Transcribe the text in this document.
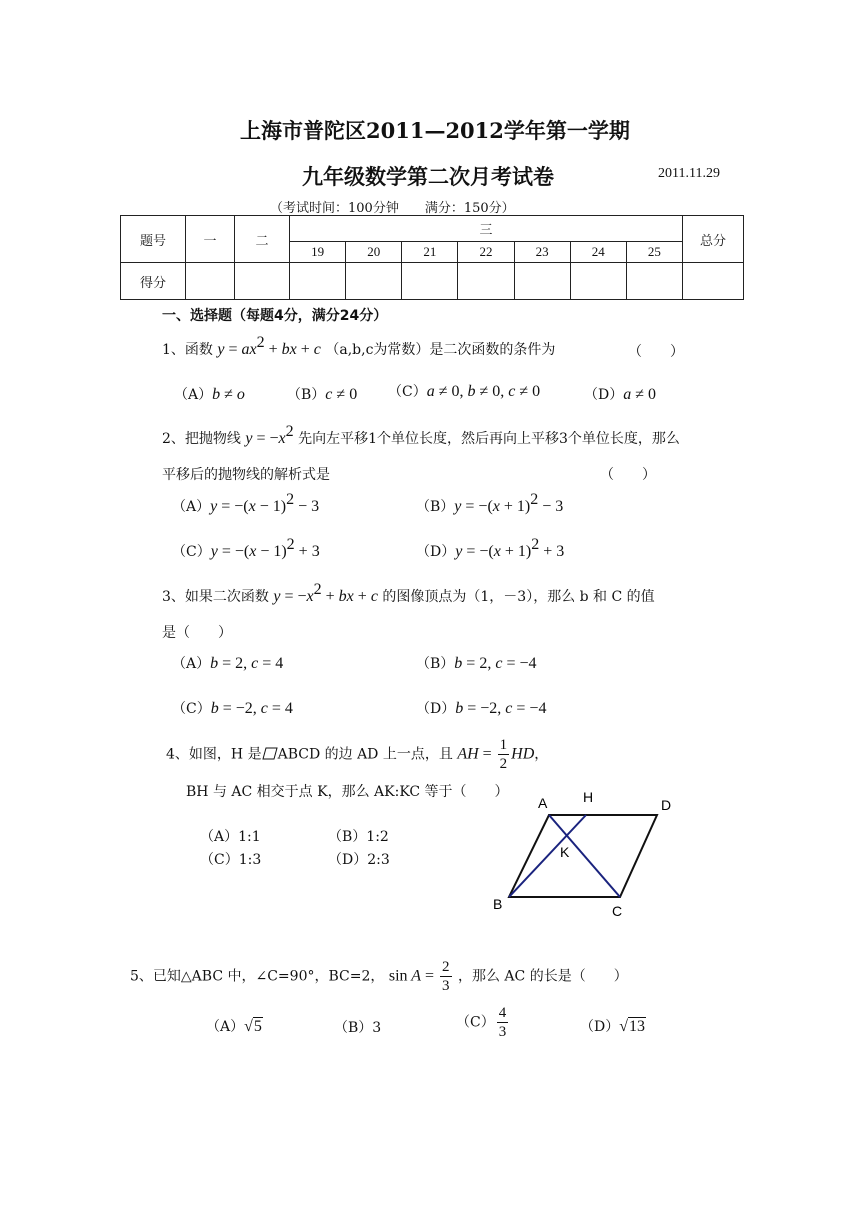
上海市普陀区2011—2012学年第一学期
九年级数学第二次月考试卷	2011.11.29
（考试时间：100分钟　　满分：150分）
题号	一	二	三							总分
			19	20	21	22	23	24	25	
得分										
一、选择题（每题4分，满分24分）
1、函数 $y = ax^2$ + bx + c （a,b,c为常数）是二次函数的条件为	（　　）
（A）b ≠ o	（B）c ≠ 0 （C）a ≠ 0, b ≠ 0, c ≠ 0	（D）a ≠ 0
2、把抛物线 $y = -x^2$ 先向左平移1个单位长度，然后再向上平移3个单位长度，那么
平移后的抛物线的解析式是	（　　）
$(A)y = -(x - 1)^2 - 3$	$(B)y = -(x + 1)^2 - 3$
$(C)y = -(x - 1)^2 + 3$	$(D)y = -(x + 1)^2 + 3$
3、如果二次函数 $y = -x^2$ + bx + c 的图像顶点为（1，－3），那么 b 和 C 的值
是（　　）
（A）b = 2, c = 4	（B）b = 2, c = −4
（C）b = −2, c = 4	（D）b = −2, c = −4
4、如图，H 是 ABCD 的边 AD 上一点，且 AH = $\frac{1}{2}$ HD，
BH 与 AC 相交于点 K，那么 AK:KC 等于（　　）
（A）1:1	（B）1:2
（C）1:3	（D）2:3
A	H	D
K
B	C
5、已知△ABC 中，∠C=90°，BC=2， $\sin A = \frac{2}{3}$ ，那么 AC 的长是（　　）
（A）√5	（B）3	$(C) \frac{4}{3}$	（D）√13
